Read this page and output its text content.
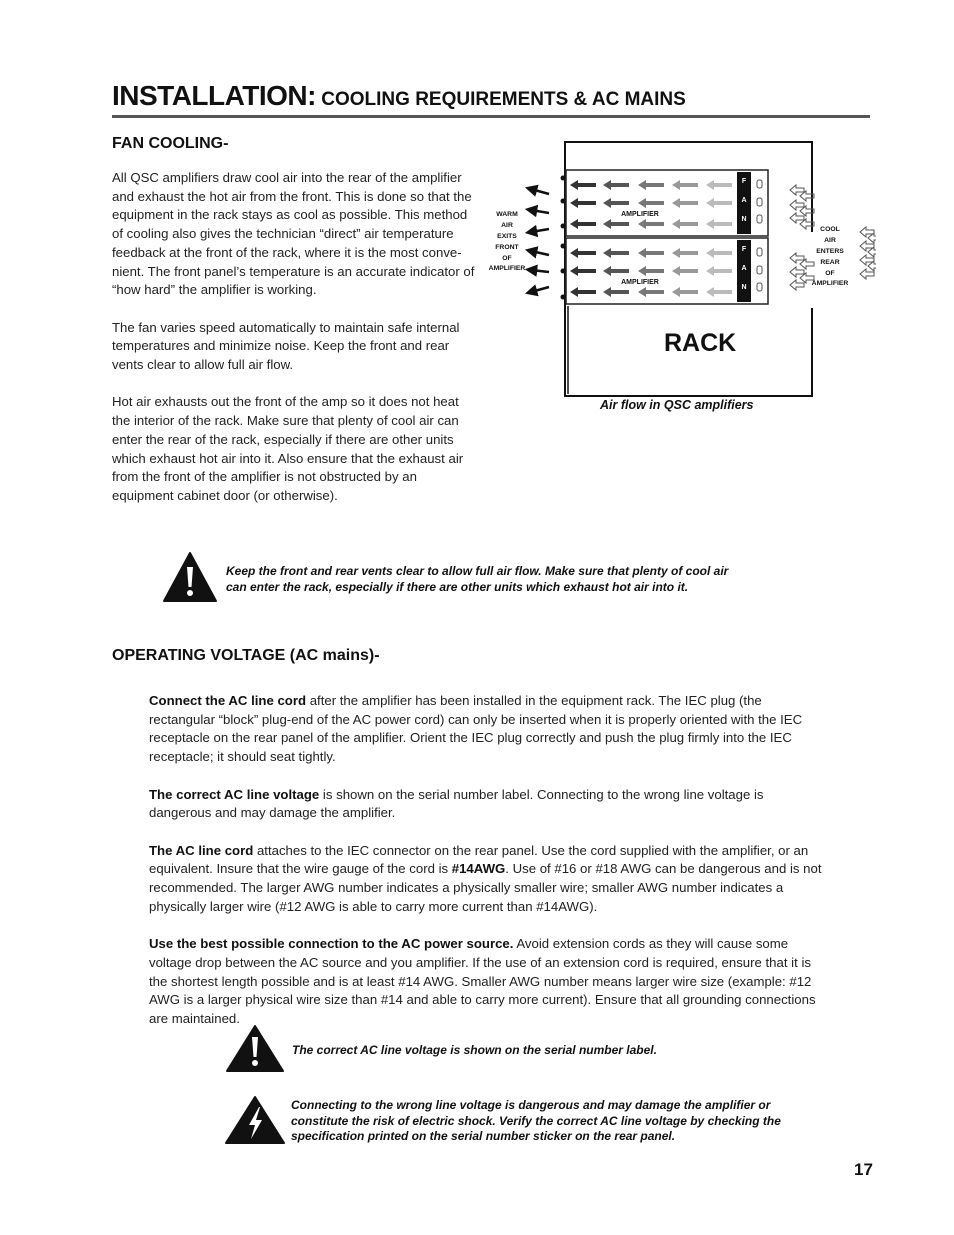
INSTALLATION: COOLING REQUIREMENTS & AC MAINS
FAN COOLING-

All QSC amplifiers draw cool air into the rear of the amplifier and exhaust the hot air from the front. This is done so that the equipment in the rack stays as cool as possible. This method of cooling also gives the technician “direct” air temperature feedback at the front of the rack, where it is the most conve-nient. The front panel’s temperature is an accurate indicator of “how hard” the amplifier is working.

The fan varies speed automatically to maintain safe internal temperatures and minimize noise. Keep the front and rear vents clear to allow full air flow.

Hot air exhausts out the front of the amp so it does not heat the interior of the rack. Make sure that plenty of cool air can enter the rear of the rack, especially if there are other units which exhaust hot air into it. Also ensure that the exhaust air from the front of the amplifier is not obstructed by an equipment cabinet door (or otherwise).

F
A
N
F
A
N
AMPLIFIER
AMPLIFIER
WARM
AIR
EXITS
FRONT
OF
AMPLIFIER
COOL
AIR
ENTERS
REAR
OF
AMPLIFIER
RACK
Air flow in QSC amplifiers
Keep the front and rear vents clear to allow full air flow. Make sure that plenty of cool air can enter the rack, especially if there are other units which exhaust hot air into it.
OPERATING VOLTAGE (AC mains)-

Connect the AC line cord after the amplifier has been installed in the equipment rack. The IEC plug (the rectangular “block” plug-end of the AC power cord) can only be inserted when it is properly oriented with the IEC receptacle on the rear panel of the amplifier. Orient the IEC plug correctly and push the plug firmly into the IEC receptacle; it should seat tightly.

The correct AC line voltage is shown on the serial number label. Connecting to the wrong line voltage is dangerous and may damage the amplifier.

The AC line cord attaches to the IEC connector on the rear panel. Use the cord supplied with the amplifier, or an equivalent. Insure that the wire gauge of the cord is #14AWG. Use of #16 or #18 AWG can be dangerous and is not recommended. The larger AWG number indicates a physically smaller wire; smaller AWG number indicates a physically larger wire (#12 AWG is able to carry more current than #14AWG).

Use the best possible connection to the AC power source. Avoid extension cords as they will cause some voltage drop between the AC source and you amplifier. If the use of an extension cord is required, ensure that it is the shortest length possible and is at least #14 AWG. Smaller AWG number means larger wire size (example: #12 AWG is a larger physical wire size than #14 and able to carry more current). Ensure that all grounding connections are maintained.

The correct AC line voltage is shown on the serial number label.
Connecting to the wrong line voltage is dangerous and may damage the amplifier or constitute the risk of electric shock. Verify the correct AC line voltage by checking the specification printed on the serial number sticker on the rear panel.
17
